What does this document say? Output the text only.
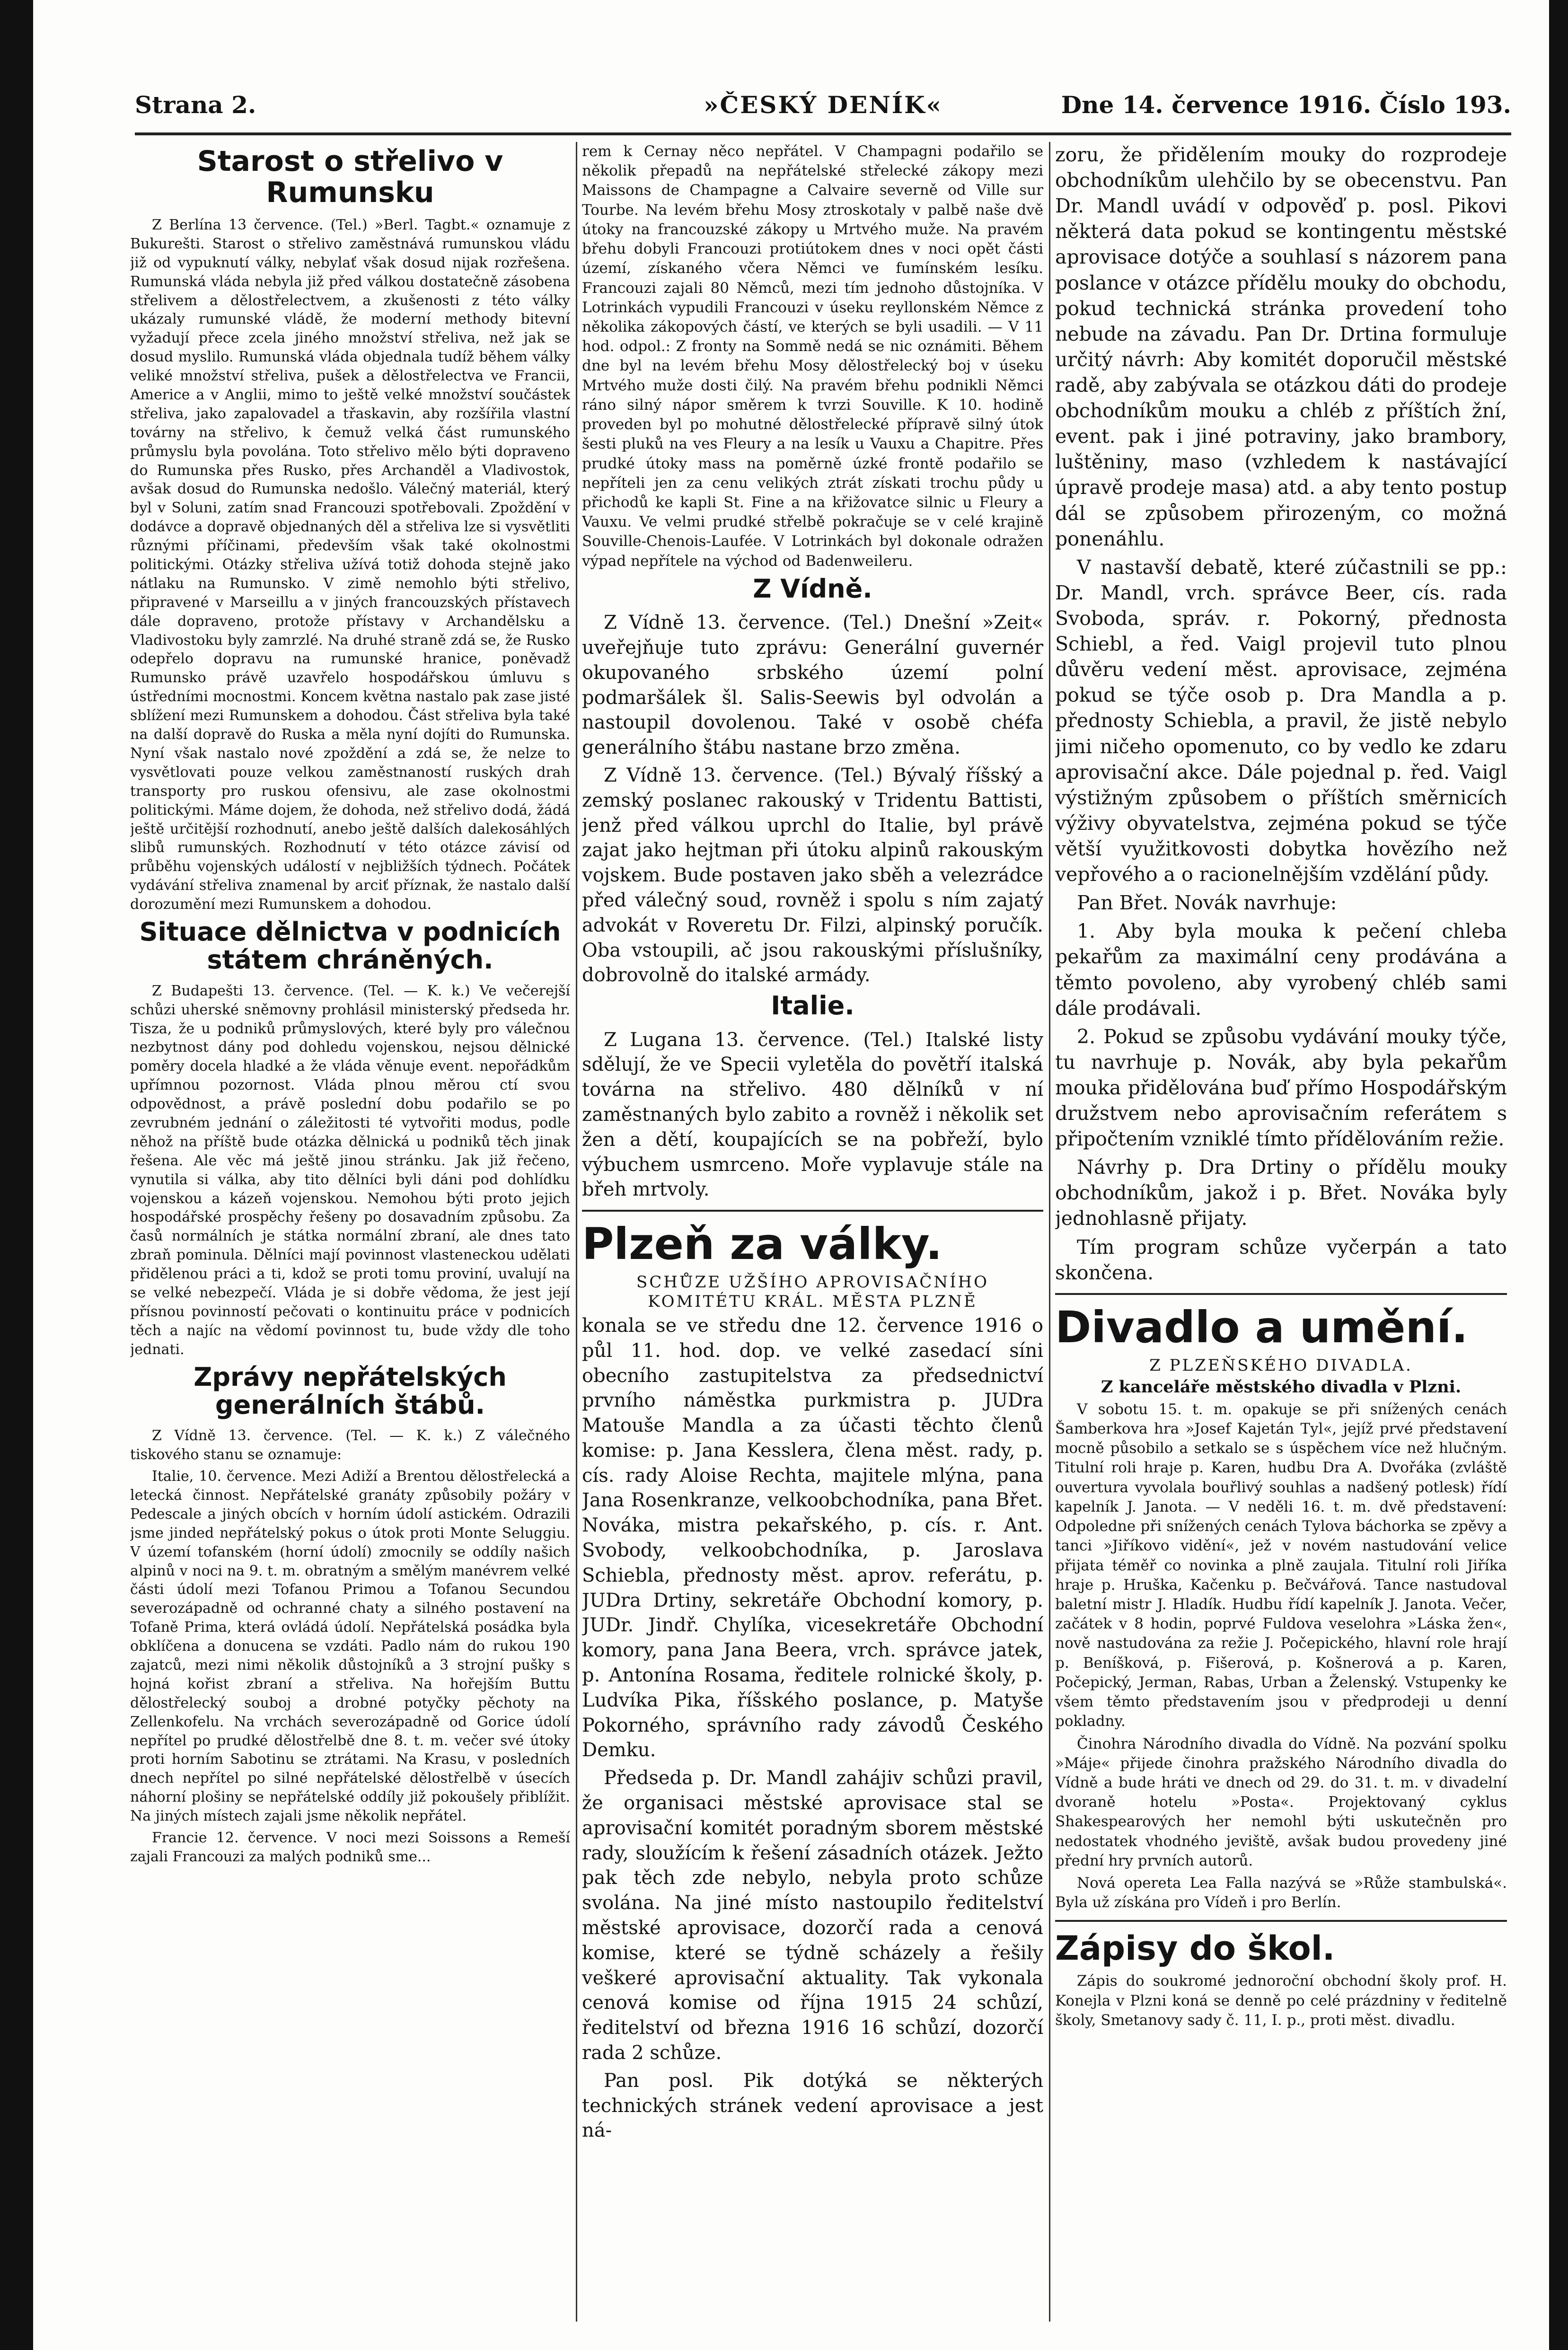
Strana 2.	»ČESKÝ DENÍK«	Dne 14. července 1916. Číslo 193.
Starost o střelivo v Rumunsku

Z Berlína 13 července. (Tel.) »Berl. Tagbt.« oznamuje z Bukurešti. Starost o střelivo zaměstnává rumunskou vládu již od vypuknutí války, nebylať však dosud nijak rozřešena. Rumunská vláda nebyla již před válkou dostatečně zásobena střelivem a dělostřelectvem, a zkušenosti z této války ukázaly rumunské vládě, že moderní methody bitevní vyžadují přece zcela jiného množství střeliva, než jak se dosud myslilo. Rumunská vláda objednala tudíž během války veliké množství střeliva, pušek a dělostřelectva ve Francii, Americe a v Anglii, mimo to ještě velké množství součástek střeliva, jako zapalovadel a třaskavin, aby rozšířila vlastní továrny na střelivo, k čemuž velká část rumunského průmyslu byla povolána. Toto střelivo mělo býti dopraveno do Rumunska přes Rusko, přes Archanděl a Vladivostok, avšak dosud do Rumunska nedošlo. Válečný materiál, který byl v Soluni, zatím snad Francouzi spotřebovali. Zpoždění v dodávce a dopravě objednaných děl a střeliva lze si vysvětliti různými příčinami, především však také okolnostmi politickými. Otázky střeliva užívá totiž dohoda stejně jako nátlaku na Rumunsko. V zimě nemohlo býti střelivo, připravené v Marseillu a v jiných francouzských přístavech dále dopraveno, protože přístavy v Archandělsku a Vladivostoku byly zamrzlé. Na druhé straně zdá se, že Rusko odepřelo dopravu na rumunské hranice, poněvadž Rumunsko právě uzavřelo hospodářskou úmluvu s ústředními mocnostmi. Koncem května nastalo pak zase jisté sblížení mezi Rumunskem a dohodou. Část střeliva byla také na další dopravě do Ruska a měla nyní dojíti do Rumunska. Nyní však nastalo nové zpoždění a zdá se, že nelze to vysvětlovati pouze velkou zaměstnaností ruských drah transporty pro ruskou ofensivu, ale zase okolnostmi politickými. Máme dojem, že dohoda, než střelivo dodá, žádá ještě určitější rozhodnutí, anebo ještě dalších dalekosáhlých slibů rumunských. Rozhodnutí v této otázce závisí od průběhu vojenských událostí v nejbližších týdnech. Počátek vydávání střeliva znamenal by arciť příznak, že nastalo další dorozumění mezi Rumunskem a dohodou.

Situace dělnictva v podnicích státem chráněných.

Z Budapešti 13. července. (Tel. — K. k.) Ve večerejší schůzi uherské sněmovny prohlásil ministerský předseda hr. Tisza, že u podniků průmyslových, které byly pro válečnou nezbytnost dány pod dohledu vojenskou, nejsou dělnické poměry docela hladké a že vláda věnuje event. nepořádkům upřímnou pozornost. Vláda plnou měrou ctí svou odpovědnost, a právě poslední dobu podařilo se po zevrubném jednání o záležitosti té vytvořiti modus, podle něhož na příště bude otázka dělnická u podniků těch jinak řešena. Ale věc má ještě jinou stránku. Jak již řečeno, vynutila si válka, aby tito dělníci byli dáni pod dohlídku vojenskou a kázeň vojenskou. Nemohou býti proto jejich hospodářské prospěchy řešeny po dosavadním způsobu. Za časů normálních je státka normální zbraní, ale dnes tato zbraň pominula. Dělníci mají povinnost vlasteneckou udělati přidělenou práci a ti, kdož se proti tomu proviní, uvalují na se velké nebezpečí. Vláda je si dobře vědoma, že jest její přísnou povinností pečovati o kontinuitu práce v podnicích těch a najíc na vědomí povinnost tu, bude vždy dle toho jednati.

Zprávy nepřátelských generálních štábů.

Z Vídně 13. července. (Tel. — K. k.) Z válečného tiskového stanu se oznamuje:

Italie, 10. července. Mezi Adiží a Brentou dělostřelecká a letecká činnost. Nepřátelské granáty způsobily požáry v Pedescale a jiných obcích v horním údolí astickém. Odrazili jsme jinded nepřátelský pokus o útok proti Monte Seluggiu. V území tofanském (horní údolí) zmocnily se oddíly našich alpinů v noci na 9. t. m. obratným a smělým manévrem velké části údolí mezi Tofanou Primou a Tofanou Secundou severozápadně od ochranné chaty a silného postavení na Tofaně Prima, která ovládá údolí. Nepřátelská posádka byla obklíčena a donucena se vzdáti. Padlo nám do rukou 190 zajatců, mezi nimi několik důstojníků a 3 strojní pušky s hojná kořist zbraní a střeliva. Na hořejším Buttu dělostřelecký souboj a drobné potyčky pěchoty na Zellenkofelu. Na vrchách severozápadně od Gorice údolí nepřítel po prudké dělostřelbě dne 8. t. m. večer své útoky proti horním Sabotinu se ztrátami. Na Krasu, v posledních dnech nepřítel po silné nepřátelské dělostřelbě v úsecích náhorní plošiny se nepřátelské oddíly již pokoušely přiblížit. Na jiných místech zajali jsme několik nepřátel.

Francie 12. července. V noci mezi Soissons a Remeší zajali Francouzi za malých podniků sme...

rem k Cernay něco nepřátel. V Champagni podařilo se několik přepadů na nepřátelské střelecké zákopy mezi Maissons de Champagne a Calvaire severně od Ville sur Tourbe. Na levém břehu Mosy ztroskotaly v palbě naše dvě útoky na francouzské zákopy u Mrtvého muže. Na pravém břehu dobyli Francouzi protiútokem dnes v noci opět části území, získaného včera Němci ve fumínském lesíku. Francouzi zajali 80 Němců, mezi tím jednoho důstojníka. V Lotrinkách vypudili Francouzi v úseku reyllonském Němce z několika zákopových částí, ve kterých se byli usadili. — V 11 hod. odpol.: Z fronty na Sommě nedá se nic oznámiti. Během dne byl na levém břehu Mosy dělostřelecký boj v úseku Mrtvého muže dosti čilý. Na pravém břehu podnikli Němci ráno silný nápor směrem k tvrzi Souville. K 10. hodině proveden byl po mohutné dělostřelecké přípravě silný útok šesti pluků na ves Fleury a na lesík u Vauxu a Chapitre. Přes prudké útoky mass na poměrně úzké frontě podařilo se nepříteli jen za cenu velikých ztrát získati trochu půdy u přichodů ke kapli St. Fine a na křižovatce silnic u Fleury a Vauxu. Ve velmi prudké střelbě pokračuje se v celé krajině Souville-Chenois-Laufée. V Lotrinkách byl dokonale odražen výpad nepřítele na východ od Badenweileru.

Z Vídně.

Z Vídně 13. července. (Tel.) Dnešní »Zeit« uveřejňuje tuto zprávu: Generální guvernér okupovaného srbského území polní podmaršálek šl. Salis-Seewis byl odvolán a nastoupil dovolenou. Také v osobě chéfa generálního štábu nastane brzo změna.

Z Vídně 13. července. (Tel.) Bývalý říšský a zemský poslanec rakouský v Tridentu Battisti, jenž před válkou uprchl do Italie, byl právě zajat jako hejtman při útoku alpinů rakouským vojskem. Bude postaven jako sběh a velezrádce před válečný soud, rovněž i spolu s ním zajatý advokát v Roveretu Dr. Filzi, alpinský poručík. Oba vstoupili, ač jsou rakouskými příslušníky, dobrovolně do italské armády.

Italie.

Z Lugana 13. července. (Tel.) Italské listy sdělují, že ve Specii vyletěla do povětří italská továrna na střelivo. 480 dělníků v ní zaměstnaných bylo zabito a rovněž i několik set žen a dětí, koupajících se na pobřeží, bylo výbuchem usmrceno. Moře vyplavuje stále na břeh mrtvoly.

Plzeň za války.
SCHŮZE UŽŠÍHO APROVISAČNÍHO KOMITÉTU KRÁL. MĚSTA PLZNĚ

konala se ve středu dne 12. července 1916 o půl 11. hod. dop. ve velké zasedací síni obecního zastupitelstva za předsednictví prvního náměstka purkmistra p. JUDra Matouše Mandla a za účasti těchto členů komise: p. Jana Kesslera, člena měst. rady, p. cís. rady Aloise Rechta, majitele mlýna, pana Jana Rosenkranze, velkoobchodníka, pana Břet. Nováka, mistra pekařského, p. cís. r. Ant. Svobody, velkoobchodníka, p. Jaroslava Schiebla, přednosty měst. aprov. referátu, p. JUDra Drtiny, sekretáře Obchodní komory, p. JUDr. Jindř. Chylíka, vicesekretáře Obchodní komory, pana Jana Beera, vrch. správce jatek, p. Antonína Rosama, ředitele rolnické školy, p. Ludvíka Pika, říšského poslance, p. Matyše Pokorného, správního rady závodů Českého Demku.

Předseda p. Dr. Mandl zahájiv schůzi pravil, že organisaci městské aprovisace stal se aprovisační komitét poradným sborem městské rady, sloužícím k řešení zásadních otázek. Ježto pak těch zde nebylo, nebyla proto schůze svolána. Na jiné místo nastoupilo ředitelství městské aprovisace, dozorčí rada a cenová komise, které se týdně scházely a řešily veškeré aprovisační aktuality. Tak vykonala cenová komise od října 1915 24 schůzí, ředitelství od března 1916 16 schůzí, dozorčí rada 2 schůze.

Pan posl. Pik dotýká se některých technických stránek vedení aprovisace a jest ná-

zoru, že přidělením mouky do rozprodeje obchodníkům ulehčilo by se obecenstvu. Pan Dr. Mandl uvádí v odpověď p. posl. Pikovi některá data pokud se kontingentu městské aprovisace dotýče a souhlasí s názorem pana poslance v otázce přídělu mouky do obchodu, pokud technická stránka provedení toho nebude na závadu. Pan Dr. Drtina formuluje určitý návrh: Aby komitét doporučil městské radě, aby zabývala se otázkou dáti do prodeje obchodníkům mouku a chléb z příštích žní, event. pak i jiné potraviny, jako brambory, luštěniny, maso (vzhledem k nastávající úpravě prodeje masa) atd. a aby tento postup dál se způsobem přirozeným, co možná ponenáhlu.

V nastavší debatě, které zúčastnili se pp.: Dr. Mandl, vrch. správce Beer, cís. rada Svoboda, správ. r. Pokorný, přednosta Schiebl, a řed. Vaigl projevil tuto plnou důvěru vedení měst. aprovisace, zejména pokud se týče osob p. Dra Mandla a p. přednosty Schiebla, a pravil, že jistě nebylo jimi ničeho opomenuto, co by vedlo ke zdaru aprovisační akce. Dále pojednal p. řed. Vaigl výstižným způsobem o příštích směrnicích výživy obyvatelstva, zejména pokud se týče větší využitkovosti dobytka hovězího než vepřového a o racionelnějším vzdělání půdy.

Pan Břet. Novák navrhuje:

1. Aby byla mouka k pečení chleba pekařům za maximální ceny prodávána a těmto povoleno, aby vyrobený chléb sami dále prodávali.

2. Pokud se způsobu vydávání mouky týče, tu navrhuje p. Novák, aby byla pekařům mouka přidělována buď přímo Hospodářským družstvem nebo aprovisačním referátem s připočtením vzniklé tímto přídělováním režie.

Návrhy p. Dra Drtiny o přídělu mouky obchodníkům, jakož i p. Břet. Nováka byly jednohlasně přijaty.

Tím program schůze vyčerpán a tato skončena.

Divadlo a umění.
Z PLZEŇSKÉHO DIVADLA.
Z kanceláře městského divadla v Plzni.

V sobotu 15. t. m. opakuje se při snížených cenách Šamberkova hra »Josef Kajetán Tyl«, jejíž prvé představení mocně působilo a setkalo se s úspěchem více než hlučným. Titulní roli hraje p. Karen, hudbu Dra A. Dvořáka (zvláště ouvertura vyvolala bouřlivý souhlas a nadšený potlesk) řídí kapelník J. Janota. — V neděli 16. t. m. dvě představení: Odpoledne při snížených cenách Tylova báchorka se zpěvy a tanci »Jiříkovo vidění«, jež v novém nastudování velice přijata téměř co novinka a plně zaujala. Titulní roli Jiříka hraje p. Hruška, Kačenku p. Bečvářová. Tance nastudoval baletní mistr J. Hladík. Hudbu řídí kapelník J. Janota. Večer, začátek v 8 hodin, poprvé Fuldova veselohra »Láska žen«, nově nastudována za režie J. Počepického, hlavní role hrají p. Beníšková, p. Fišerová, p. Košnerová a p. Karen, Počepický, Jerman, Rabas, Urban a Želenský. Vstupenky ke všem těmto představením jsou v předprodeji u denní pokladny.

Činohra Národního divadla do Vídně. Na pozvání spolku »Máje« přijede činohra pražského Národního divadla do Vídně a bude hráti ve dnech od 29. do 31. t. m. v divadelní dvoraně hotelu »Posta«. Projektovaný cyklus Shakespearových her nemohl býti uskutečněn pro nedostatek vhodného jeviště, avšak budou provedeny jiné přední hry prvních autorů.

Nová opereta Lea Falla nazývá se »Růže stambulská«. Byla už získána pro Vídeň i pro Berlín.

Zápisy do škol.

Zápis do soukromé jednoroční obchodní školy prof. H. Konejla v Plzni koná se denně po celé prázdniny v ředitelně školy, Smetanovy sady č. 11, I. p., proti měst. divadlu.
